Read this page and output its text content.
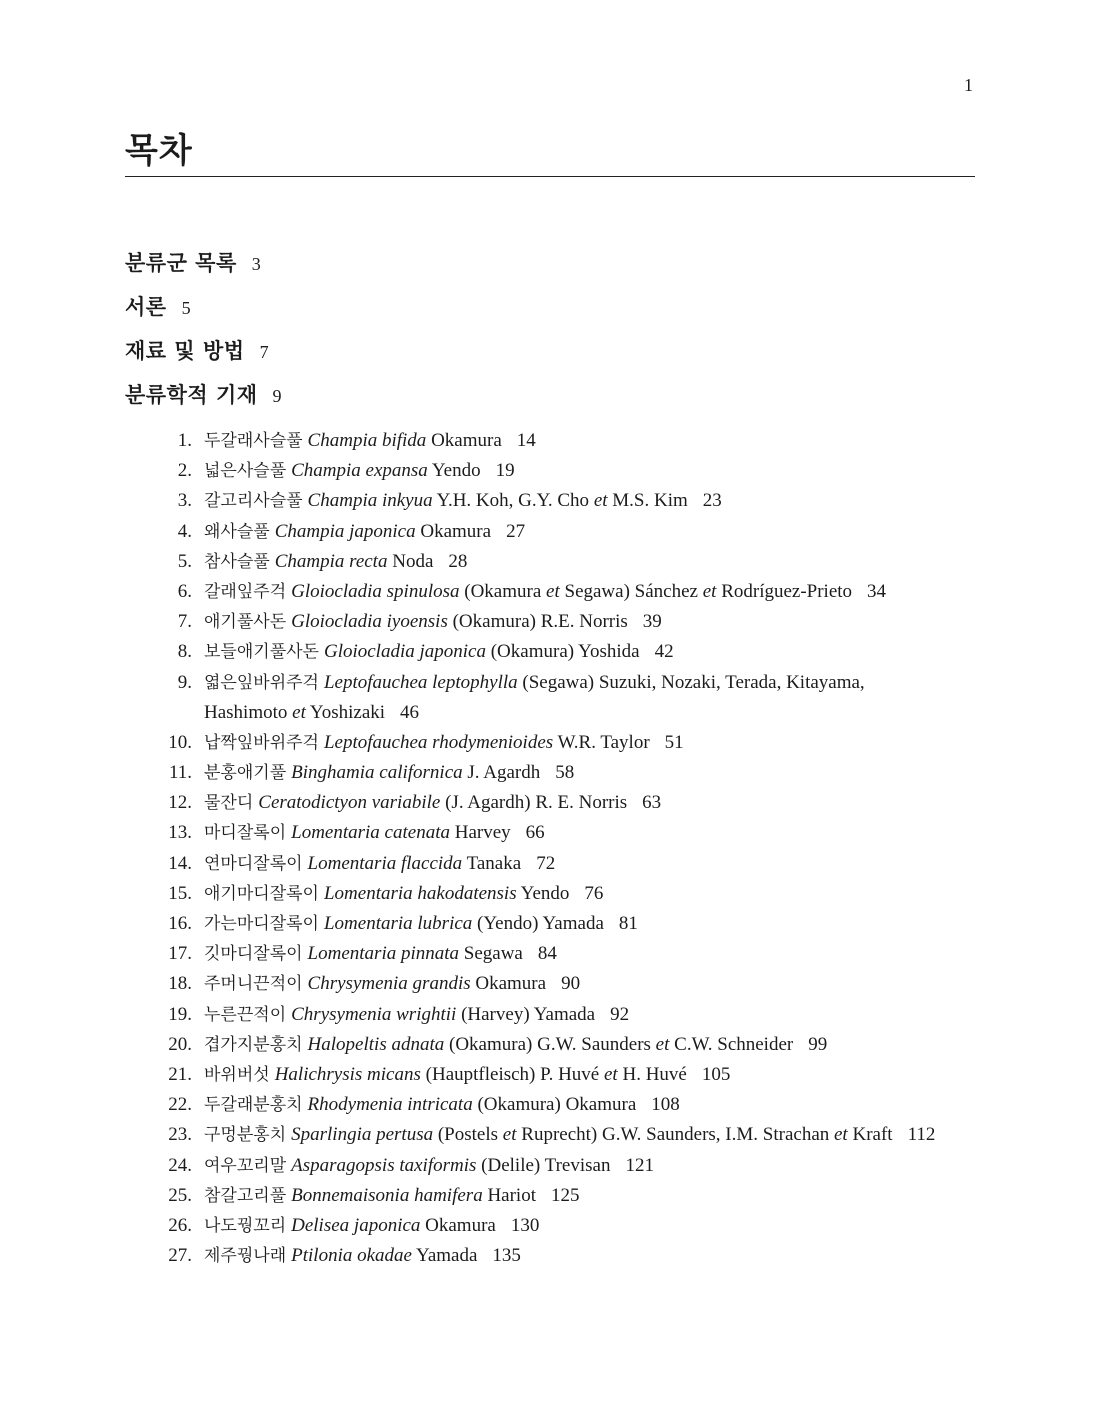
1
목차
분류군 목록 3
서론 5
재료 및 방법 7
분류학적 기재 9
1. 두갈래사슬풀 Champia bifida Okamura 14
2. 넓은사슬풀 Champia expansa Yendo 19
3. 갈고리사슬풀 Champia inkyua Y.H. Koh, G.Y. Cho et M.S. Kim 23
4. 왜사슬풀 Champia japonica Okamura 27
5. 참사슬풀 Champia recta Noda 28
6. 갈래잎주걱 Gloiocladia spinulosa (Okamura et Segawa) Sánchez et Rodríguez-Prieto 34
7. 애기풀사돈 Gloiocladia iyoensis (Okamura) R.E. Norris 39
8. 보들애기풀사돈 Gloiocladia japonica (Okamura) Yoshida 42
9. 엷은잎바위주걱 Leptofauchea leptophylla (Segawa) Suzuki, Nozaki, Terada, Kitayama,
Hashimoto et Yoshizaki 46
10. 납짝잎바위주걱 Leptofauchea rhodymenioides W.R. Taylor 51
11. 분홍애기풀 Binghamia californica J. Agardh 58
12. 물잔디 Ceratodictyon variabile (J. Agardh) R. E. Norris 63
13. 마디잘록이 Lomentaria catenata Harvey 66
14. 연마디잘록이 Lomentaria flaccida Tanaka 72
15. 애기마디잘록이 Lomentaria hakodatensis Yendo 76
16. 가는마디잘록이 Lomentaria lubrica (Yendo) Yamada 81
17. 깃마디잘록이 Lomentaria pinnata Segawa 84
18. 주머니끈적이 Chrysymenia grandis Okamura 90
19. 누른끈적이 Chrysymenia wrightii (Harvey) Yamada 92
20. 겹가지분홍치 Halopeltis adnata (Okamura) G.W. Saunders et C.W. Schneider 99
21. 바위버섯 Halichrysis micans (Hauptfleisch) P. Huvé et H. Huvé 105
22. 두갈래분홍치 Rhodymenia intricata (Okamura) Okamura 108
23. 구멍분홍치 Sparlingia pertusa (Postels et Ruprecht) G.W. Saunders, I.M. Strachan et Kraft 112
24. 여우꼬리말 Asparagopsis taxiformis (Delile) Trevisan 121
25. 참갈고리풀 Bonnemaisonia hamifera Hariot 125
26. 나도꿩꼬리 Delisea japonica Okamura 130
27. 제주꿩나래 Ptilonia okadae Yamada 135
